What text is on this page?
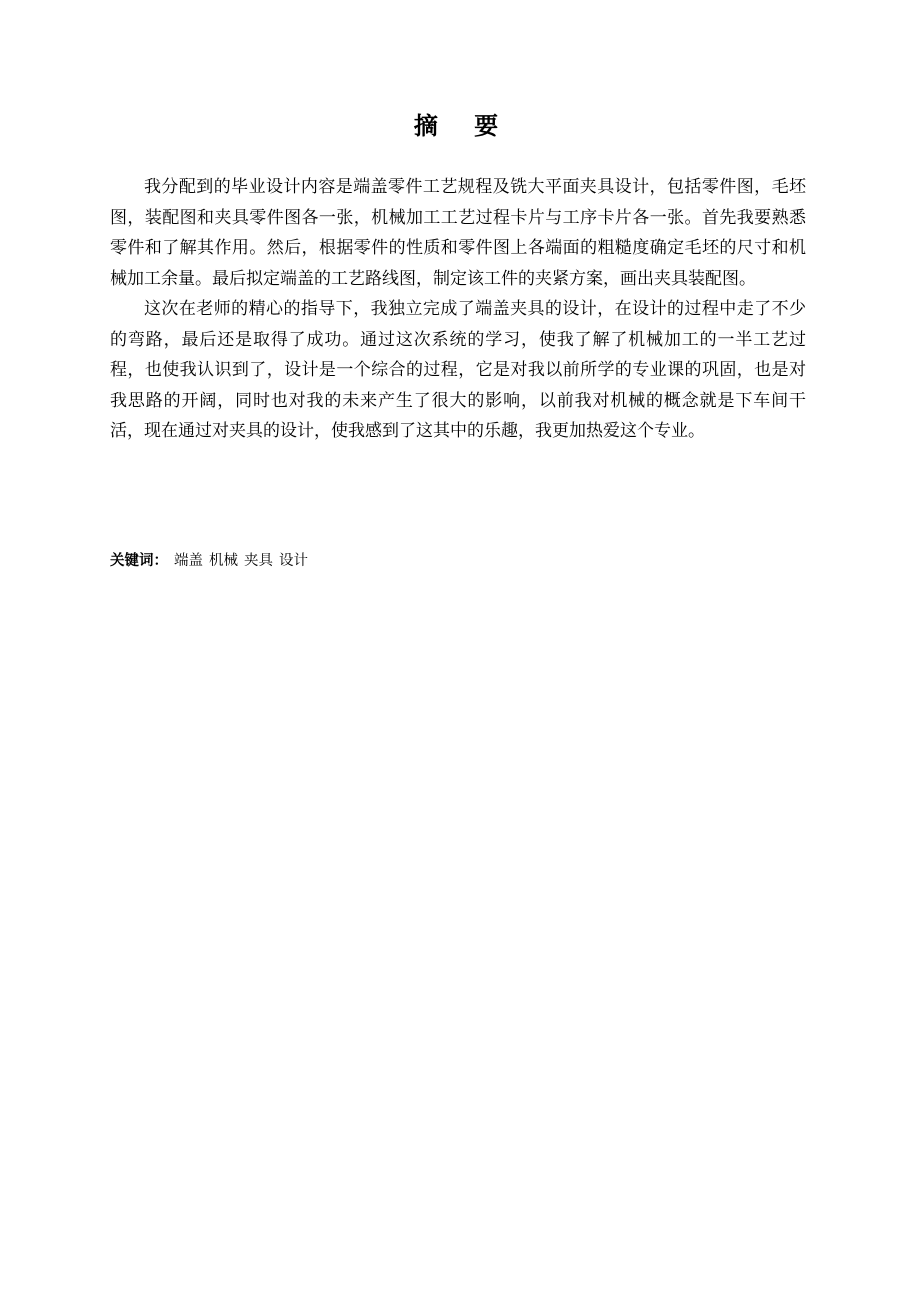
摘 要

我分配到的毕业设计内容是端盖零件工艺规程及铣大平面夹具设计，包括零件图，毛坯图，装配图和夹具零件图各一张，机械加工工艺过程卡片与工序卡片各一张。首先我要熟悉零件和了解其作用。然后，根据零件的性质和零件图上各端面的粗糙度确定毛坯的尺寸和机械加工余量。最后拟定端盖的工艺路线图，制定该工件的夹紧方案，画出夹具装配图。

这次在老师的精心的指导下，我独立完成了端盖夹具的设计，在设计的过程中走了不少的弯路，最后还是取得了成功。通过这次系统的学习，使我了解了机械加工的一半工艺过程，也使我认识到了，设计是一个综合的过程，它是对我以前所学的专业课的巩固，也是对我思路的开阔，同时也对我的未来产生了很大的影响，以前我对机械的概念就是下车间干活，现在通过对夹具的设计，使我感到了这其中的乐趣，我更加热爱这个专业。

关键词： 端盖 机械 夹具 设计
